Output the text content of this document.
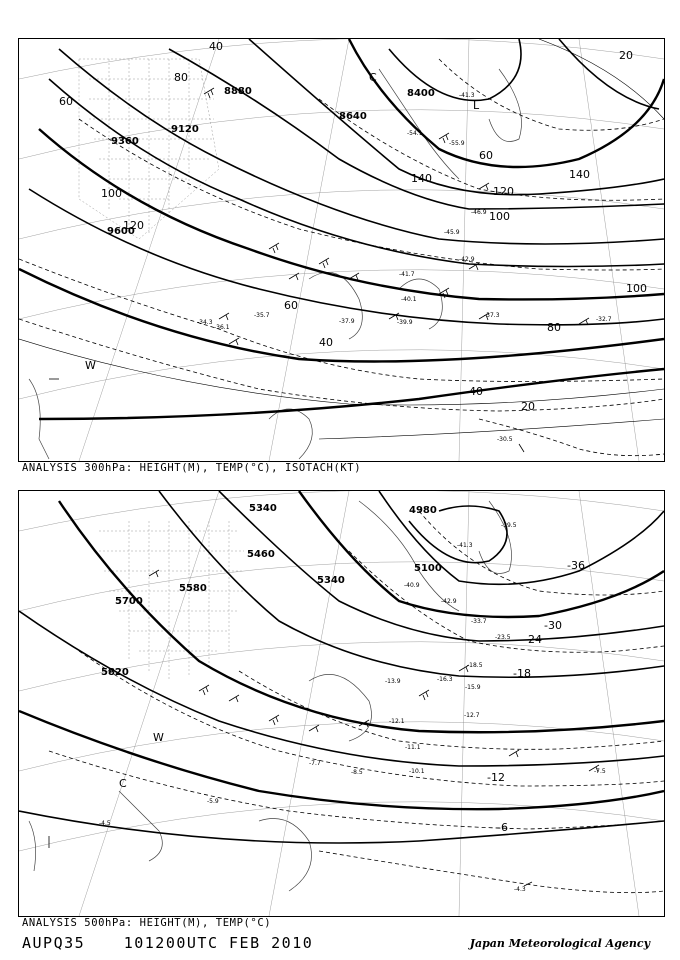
8400
8640
8880
9120
9360
9600
20
20
40
40
40
60
60
60
80
80
100
100
100
120
120
140	140
L
W
C
-41.3
-54.1
-55.9
-46.9
-45.9
-42.9
-41.7
-40.1
-39.9
-37.3
-37.9
-35.7
-36.1
-34.3	-32.7
-30.5
ANALYSIS 300hPa: HEIGHT(M), TEMP(°C), ISOTACH(KT)
5100
5340
5340
5460
5580
5700
5820
4980
-36
-30
-24
-18
-12
-6
W
C
-41.3
-39.5
-40.9
-42.9
-33.7
-23.5
-18.5
-16.3
-15.9
-13.9
-12.1
-12.7
-11.1
-10.1
-8.5
-7.7
-7.5
-5.9
-4.5
-4.3
ANALYSIS 500hPa: HEIGHT(M), TEMP(°C)
AUPQ35	101200UTC FEB 2010	Japan Meteorological Agency
